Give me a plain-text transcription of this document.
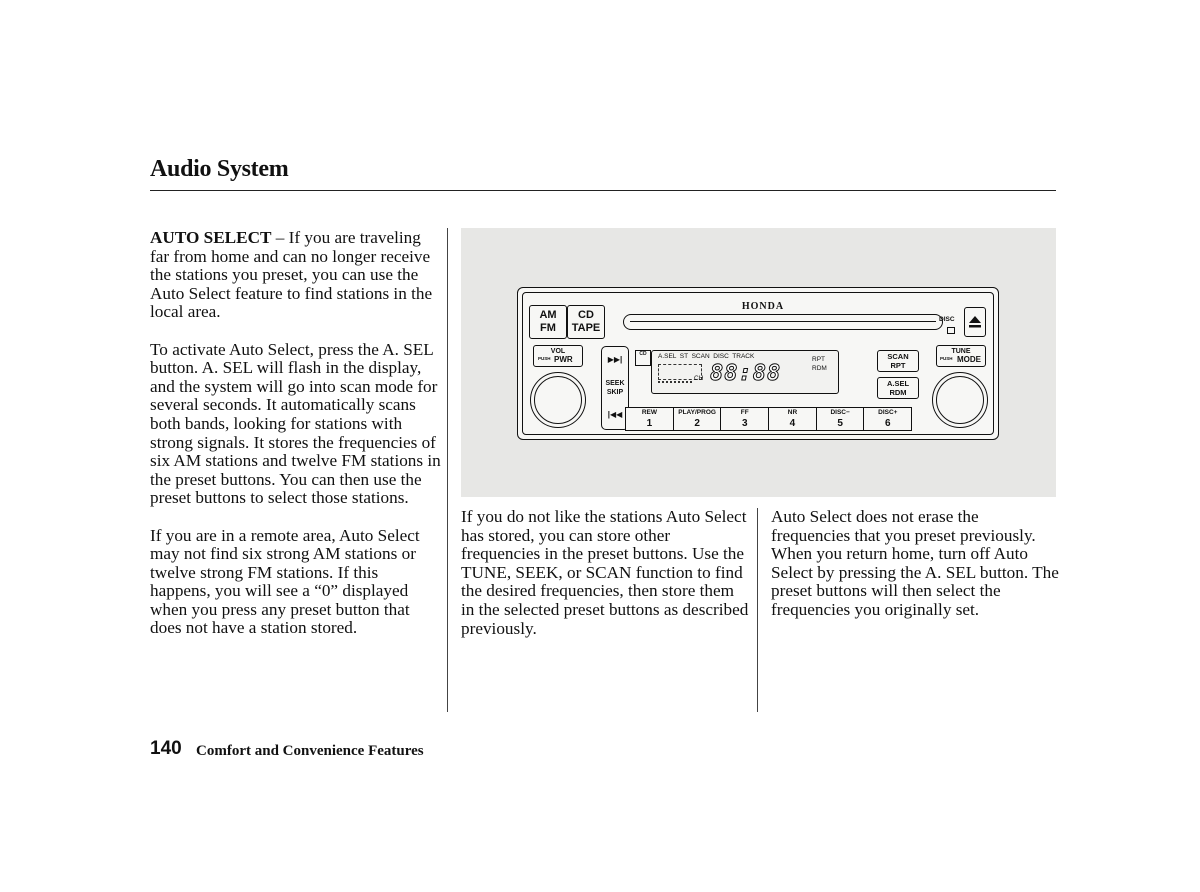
Audio System

AUTO SELECT – If you are traveling far from home and can no longer receive the stations you preset, you can use the Auto Select feature to find stations in the local area.

To activate Auto Select, press the A. SEL button. A. SEL will flash in the display, and the system will go into scan mode for several seconds. It automatically scans both bands, looking for stations with strong signals. It stores the frequencies of six AM stations and twelve FM stations in the preset buttons. You can then use the preset buttons to select those stations.

If you are in a remote area, Auto Select may not find six strong AM stations or twelve strong FM stations. If this happens, you will see a “0” displayed when you press any preset button that does not have a station stored.

AM
FM
CD
TAPE
HONDA
DISC
VOL
PUSH PWR	▶▶|
SEEK
SKIP
|◀◀
CD	A.SEL  ST  SCAN  DISC  TRACK	RPT
RDM
CH 88:88
SCAN
RPT
A.SEL
RDM
TUNE
PUSH MODE
REW
1
PLAY/PROG
2
FF
3
NR
4
DISC−
5
DISC+
6

If you do not like the stations Auto Select has stored, you can store other frequencies in the preset buttons. Use the TUNE, SEEK, or SCAN function to find the desired frequencies, then store them in the selected preset buttons as described previously.

Auto Select does not erase the frequencies that you preset previously. When you return home, turn off Auto Select by pressing the A. SEL button. The preset buttons will then select the frequencies you originally set.

140 Comfort and Convenience Features
